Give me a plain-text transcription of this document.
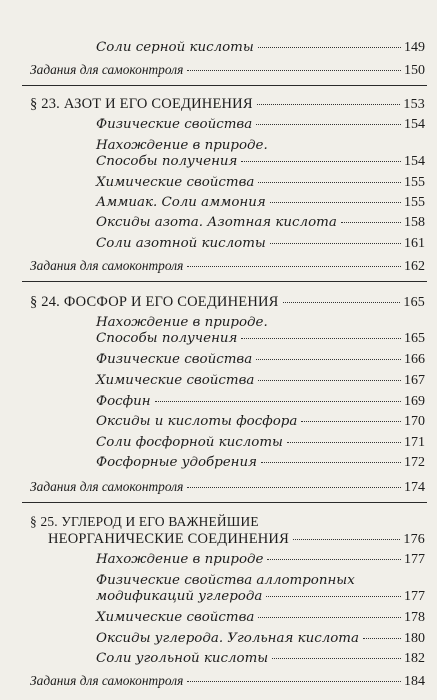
Соли серной кислоты	149
Задания для самоконтроля	150
§ 23. АЗОТ И ЕГО СОЕДИНЕНИЯ	153
Физические свойства	154
Нахождение в природе.
Способы получения	154
Химические свойства	155
Аммиак. Соли аммония	155
Оксиды азота. Азотная кислота	158
Соли азотной кислоты	161
Задания для самоконтроля	162
§ 24. ФОСФОР И ЕГО СОЕДИНЕНИЯ	165
Нахождение в природе.
Способы получения	165
Физические свойства	166
Химические свойства	167
Фосфин	169
Оксиды и кислоты фосфора	170
Соли фосфорной кислоты	171
Фосфорные удобрения	172
Задания для самоконтроля	174
§ 25. УГЛЕРОД И ЕГО ВАЖНЕЙШИЕ
НЕОРГАНИЧЕСКИЕ СОЕДИНЕНИЯ	176
Нахождение в природе	177
Физические свойства аллотропных
модификаций углерода	177
Химические свойства	178
Оксиды углерода. Угольная кислота	180
Соли угольной кислоты	182
Задания для самоконтроля	184
